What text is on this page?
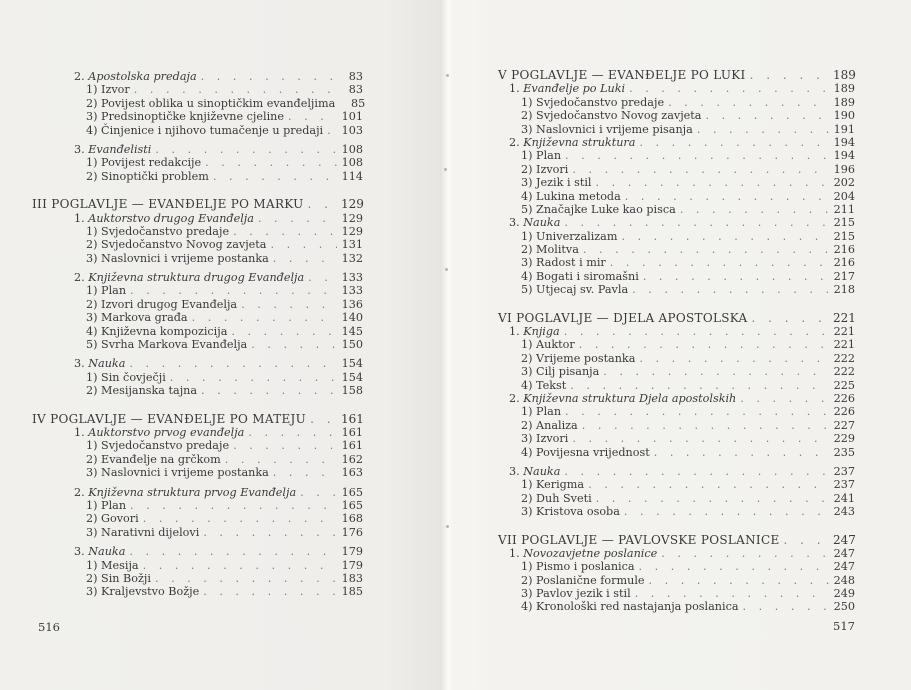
2. Apostolska predaja . . .	83
1) Izvor . . .	83
2) Povijest oblika u sinoptičkim evanđeljima	85
3) Predsinoptičke književne cjeline . . .	101
4) Činjenice i njihovo tumačenje u predaji . . . 103
3. Evanđelisti . . .	108
1) Povijest redakcije . . .	108
2) Sinoptički problem . . .	114
III POGLAVLJE — EVANĐELJE PO MARKU . . .	129
1. Auktorstvo drugog Evanđelja . . .	129
1) Svjedočanstvo predaje . . .	129
2) Svjedočanstvo Novog zavjeta . . .	131
3) Naslovnici i vrijeme postanka . . .	132
2. Književna struktura drugog Evanđelja . . .	133
1) Plan . . .	133
2) Izvori drugog Evanđelja . . .	136
3) Markova građa . . .	140
4) Književna kompozicija . . .	145
5) Svrha Markova Evanđelja . . .	150
3. Nauka . . .	154
1) Sin čovječji . . .	154
2) Mesijanska tajna . . .	158
IV POGLAVLJE — EVANĐELJE PO MATEJU . . .	161
1. Auktorstvo prvog evanđelja . . .	161
1) Svjedočanstvo predaje . . .	161
2) Evanđelje na grčkom . . .	162
3) Naslovnici i vrijeme postanka . . .	163
2. Književna struktura prvog Evanđelja . . .	165
1) Plan . . .	165
2) Govori . . .	168
3) Narativni dijelovi . . .	176
3. Nauka . . .	179
1) Mesija . . .	179
2) Sin Božji . . .	183
3) Kraljevstvo Božje . . .	185
V POGLAVLJE — EVANĐELJE PO LUKI . . .	189
1. Evanđelje po Luki . . .	189
1) Svjedočanstvo predaje . . .	189
2) Svjedočanstvo Novog zavjeta . . .	190
3) Naslovnici i vrijeme pisanja . . .	191
2. Književna struktura . . .	194
1) Plan . . .	194
2) Izvori . . .	196
3) Jezik i stil . . .	202
4) Lukina metoda . . .	204
5) Značajke Luke kao pisca . . .	211
3. Nauka . . .	215
1) Univerzalizam . . .	215
2) Molitva . . .	216
3) Radost i mir . . .	216
4) Bogati i siromašni . . .	217
5) Utjecaj sv. Pavla . . .	218
VI POGLAVLJE — DJELA APOSTOLSKA . . .	221
1. Knjiga . . .	221
1) Auktor . . .	221
2) Vrijeme postanka . . .	222
3) Cilj pisanja . . .	222
4) Tekst . . .	225
2. Književna struktura Djela apostolskih . . .	226
1) Plan . . .	226
2) Analiza . . .	227
3) Izvori . . .	229
4) Povijesna vrijednost . . .	235
3. Nauka . . .	237
1) Kerigma . . .	237
2) Duh Sveti . . .	241
3) Kristova osoba . . .	243
VII POGLAVLJE — PAVLOVSKE POSLANICE . . .	247
1. Novozavjetne poslanice . . .	247
1) Pismo i poslanica . . .	247
2) Poslanične formule . . .	248
3) Pavlov jezik i stil . . .	249
4) Kronološki red nastajanja poslanica . . .	250
516	517
